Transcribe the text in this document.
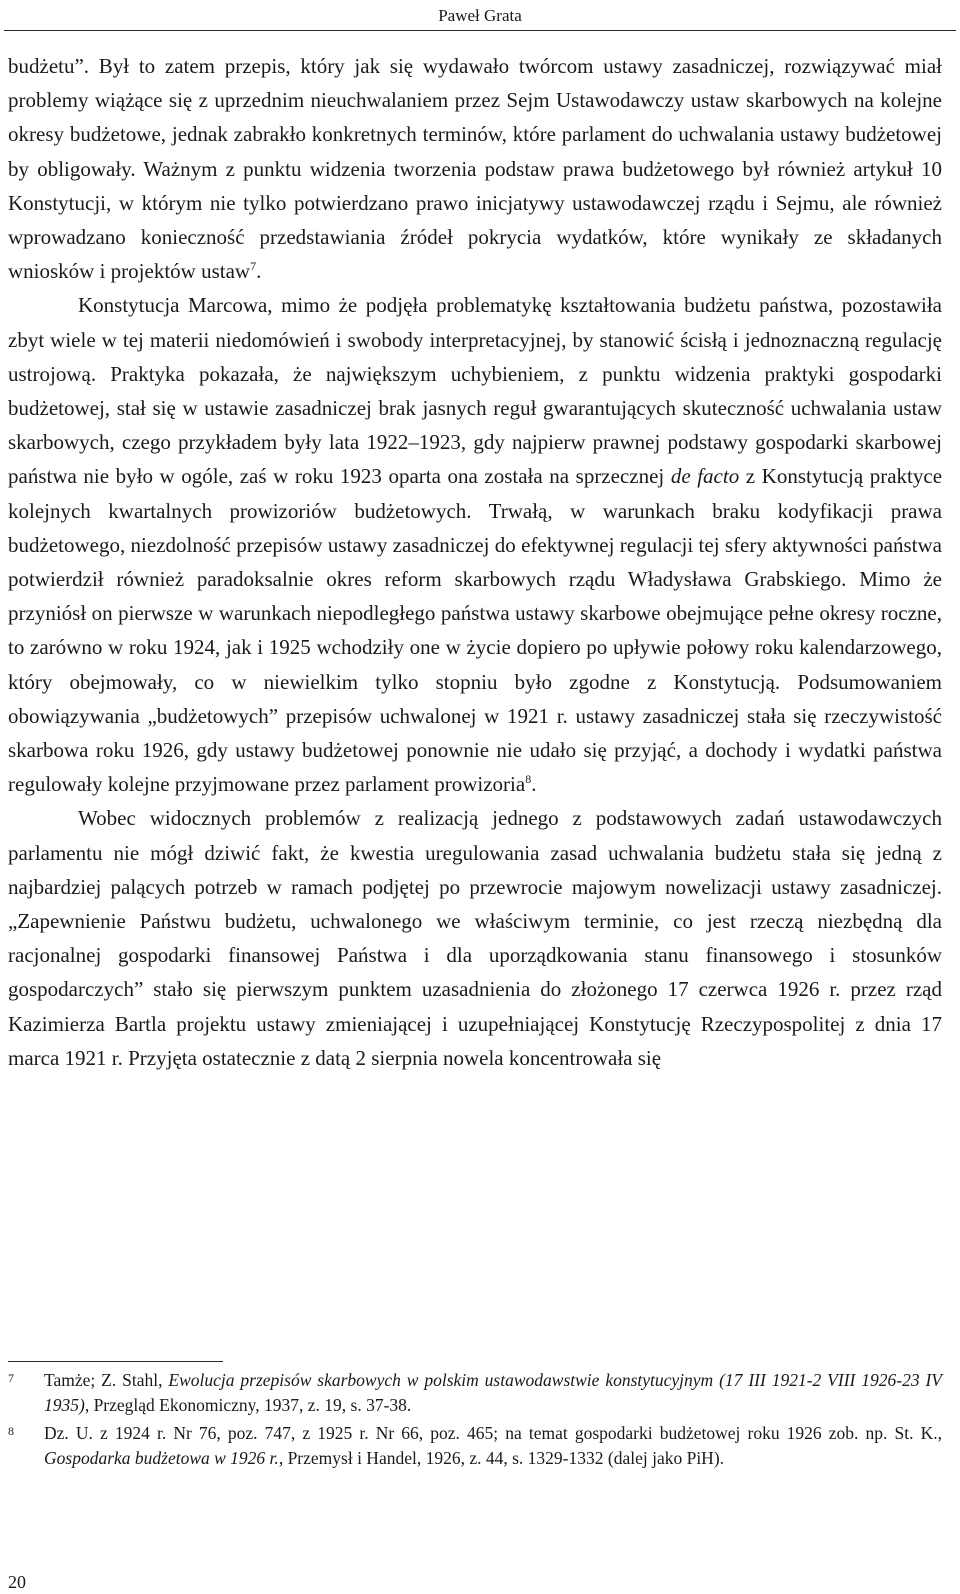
Paweł Grata

budżetu”. Był to zatem przepis, który jak się wydawało twórcom ustawy zasadniczej, rozwiązywać miał problemy wiążące się z uprzednim nieuchwalaniem przez Sejm Ustawodawczy ustaw skarbowych na kolejne okresy budżetowe, jednak zabrakło konkretnych terminów, które parlament do uchwalania ustawy budżetowej by obligowały. Ważnym z punktu widzenia tworzenia podstaw prawa budżetowego był również artykuł 10 Konstytucji, w którym nie tylko potwierdzano prawo inicjatywy ustawodawczej rządu i Sejmu, ale również wprowadzano konieczność przedstawiania źródeł pokrycia wydatków, które wynikały ze składanych wniosków i projektów ustaw$^7$.

Konstytucja Marcowa, mimo że podjęła problematykę kształtowania budżetu państwa, pozostawiła zbyt wiele w tej materii niedomówień i swobody interpretacyjnej, by stanowić ścisłą i jednoznaczną regulację ustrojową. Praktyka pokazała, że największym uchybieniem, z punktu widzenia praktyki gospodarki budżetowej, stał się w ustawie zasadniczej brak jasnych reguł gwarantujących skuteczność uchwalania ustaw skarbowych, czego przykładem były lata 1922–1923, gdy najpierw prawnej podstawy gospodarki skarbowej państwa nie było w ogóle, zaś w roku 1923 oparta ona została na sprzecznej de facto z Konstytucją praktyce kolejnych kwartalnych prowizoriów budżetowych. Trwałą, w warunkach braku kodyfikacji prawa budżetowego, niezdolność przepisów ustawy zasadniczej do efektywnej regulacji tej sfery aktywności państwa potwierdził również paradoksalnie okres reform skarbowych rządu Władysława Grabskiego. Mimo że przyniósł on pierwsze w warunkach niepodległego państwa ustawy skarbowe obejmujące pełne okresy roczne, to zarówno w roku 1924, jak i 1925 wchodziły one w życie dopiero po upływie połowy roku kalendarzowego, który obejmowały, co w niewielkim tylko stopniu było zgodne z Konstytucją. Podsumowaniem obowiązywania „budżetowych” przepisów uchwalonej w 1921 r. ustawy zasadniczej stała się rzeczywistość skarbowa roku 1926, gdy ustawy budżetowej ponownie nie udało się przyjąć, a dochody i wydatki państwa regulowały kolejne przyjmowane przez parlament prowizoria$^8$.

Wobec widocznych problemów z realizacją jednego z podstawowych zadań ustawodawczych parlamentu nie mógł dziwić fakt, że kwestia uregulowania zasad uchwalania budżetu stała się jedną z najbardziej palących potrzeb w ramach podjętej po przewrocie majowym nowelizacji ustawy zasadniczej. „Zapewnienie Państwu budżetu, uchwalonego we właściwym terminie, co jest rzeczą niezbędną dla racjonalnej gospodarki finansowej Państwa i dla uporządkowania stanu finansowego i stosunków gospodarczych” stało się pierwszym punktem uzasadnienia do złożonego 17 czerwca 1926 r. przez rząd Kazimierza Bartla projektu ustawy zmieniającej i uzupełniającej Konstytucję Rzeczypospolitej z dnia 17 marca 1921 r. Przyjęta ostatecznie z datą 2 sierpnia nowela koncentrowała się

7 Tamże; Z. Stahl, Ewolucja przepisów skarbowych w polskim ustawodawstwie konstytucyjnym (17 III 1921-2 VIII 1926-23 IV 1935), Przegląd Ekonomiczny, 1937, z. 19, s. 37-38.
8 Dz. U. z 1924 r. Nr 76, poz. 747, z 1925 r. Nr 66, poz. 465; na temat gospodarki budżetowej roku 1926 zob. np. St. K., Gospodarka budżetowa w 1926 r., Przemysł i Handel, 1926, z. 44, s. 1329-1332 (dalej jako PiH).
20
